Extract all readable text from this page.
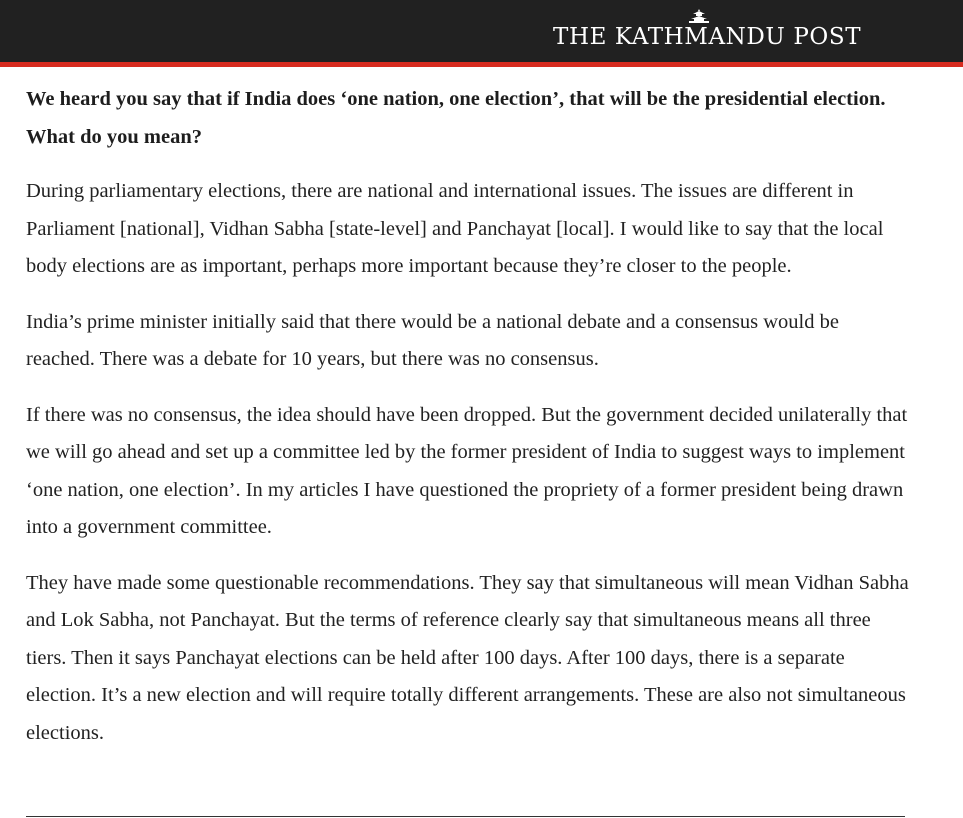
THE KATHMANDU POST

We heard you say that if India does ‘one nation, one election’, that will be the presidential election. What do you mean?

During parliamentary elections, there are national and international issues. The issues are different in Parliament [national], Vidhan Sabha [state-level] and Panchayat [local]. I would like to say that the local body elections are as important, perhaps more important because they’re closer to the people.

India’s prime minister initially said that there would be a national debate and a consensus would be reached. There was a debate for 10 years, but there was no consensus.

If there was no consensus, the idea should have been dropped. But the government decided unilaterally that we will go ahead and set up a committee led by the former president of India to suggest ways to implement ‘one nation, one election’. In my articles I have questioned the propriety of a former president being drawn into a government committee.

They have made some questionable recommendations. They say that simultaneous will mean Vidhan Sabha and Lok Sabha, not Panchayat. But the terms of reference clearly say that simultaneous means all three tiers. Then it says Panchayat elections can be held after 100 days. After 100 days, there is a separate election. It’s a new election and will require totally different arrangements. These are also not simultaneous elections.
